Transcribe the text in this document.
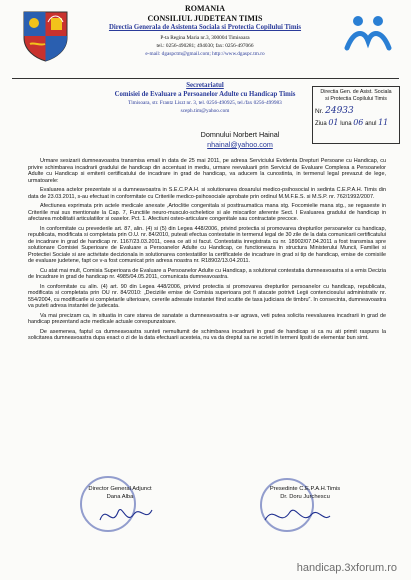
ROMANIA
CONSILIUL JUDETEAN TIMIS
Directia Generala de Asistenta Sociala si Protectia Copilului Timis
P-ta Regina Maria nr.3, 300004 Timisoara
tel.: 0256-490281; 494030; fax: 0256-497066
e-mail: dgaspctm@gmail.com; http://www.dgaspc.tm.ro
Secretariatul
Comisiei de Evaluare a Persoanelor Adulte cu Handicap Timis
Timisoara, str. Frantz Liszt nr. 3, tel. 0256-490925, tel./fax 0256-499983
sceph.tim@yahoo.com
Directia Gen. de Asist. Sociala
si Protectia Copilului Timis
Nr. 24933
Ziua 01 luna 06 anul 11
Domnului Norbert Hainal
nhainal@yahoo.com

Urmare sesizarii dumneavoastra transmisa email in data de 25 mai 2011, pe adresa Serviciului Evidenta Drepturi Persoane cu Handicap, cu privire schimbarea incadrarii gradului de handicap din accentuat in mediu, urmare reevaluarii prin Serviciul de Evaluare Complexa a Persoanelor Adulte cu Handicap si emiterii certificatului de incadrare in grad de handicap, va aducem la cunostinta, in termenul legal prevazut de lege, urmatoarele:

Evaluarea actelor prezentate si a dumneavoastra in S.E.C.P.A.H. si solutionarea dosarului medico-psihosocial in sedinta C.E.P.A.H. Timis din data de 23.03.2011, s-au efectuat in conformitate cu Criteriile medico-psihosociale aprobate prin ordinul M.M.F.E.S. si M.S.P. nr. 762/1992/2007.

Afectiunea exprimata prin actele medicale anexate ,Artoclitie congenitala si posttraumatica mana stg. Focomielie mana stg., se regaseste in Criteriile mai sus mentionate la Cap. 7, Functiile neuro-musculo-scheletice si ale miscarilor aferente Sect. I Evaluarea gradului de handicap in afectarea mobilitatii articulatiilor si oaselor. Pct. 1. Afectiuni osteo-articulare congenitale sau contractate precoce.

In conformitate cu prevederile art. 87, alin. (4) si (5) din Legea 448/2006, privind protectia si promovarea drepturilor persoanelor cu handicap, republicata, modificata si completata prin O.U. nr. 84/2010, puteati efectua contestatie in termenul legal de 30 zile de la data comunicarii certificatului de incadrare in grad de handicap nr. 1167/23.03.2011, ceea ce ati si facut. Contestatia inregistrata cu nr. 18902/07.04.2011 a fost transmisa spre solutionare Comisiei Superioare de Evaluare a Persoanelor Adulte cu Handicap, ce functioneaza in structura Ministerului Muncii, Familiei si Protectiei Sociale si are activitate decizionala in solutionarea contestatiilor la certificatele de incadrare in grad si tip de handicap, emise de comisiile de evaluare judetene, fapt ce v-a fost comunicat prin adresa noastra nr. R18902/13.04.2011.

Cu atat mai mult, Comisia Superioara de Evaluare a Persoanelor Adulte cu Handicap, a solutionat contestatia dumneavoastra si a emis Decizia de Incadrare in grad de handicap nr. 4985/04.05.2011, comunicata dumneavoastra.

In conformitate cu alin. (4) art. 90 din Legea 448/2006, privind protectia si promovarea drepturilor persoanelor cu handicap, republicata, modificata si completata prin OU nr. 84/2010: „Deciziile emise de Comisia superioara pot fi atacate potrivit Legii contenciosului administrativ nr. 554/2004, cu modificarile si completarile ulterioare, cererile adresate instantei fiind scutite de taxa judiciara de timbru”. In consecinta, dumneavoastra va puteti adresa instantei de judecata.

Va mai precizam ca, in situatia in care starea de sanatate a dumneavoastra s-ar agrava, veti putea solicita reevaluarea incadrarii in grad de handicap prezentand acte medicale actuale corespunzatoare.

De asemenea, faptul ca dumneavoastra sunteti nemultumit de schimbarea incadrarii in grad de handicap si ca nu ati primit raspuns la solicitarea dumneavoastra dupa exact o zi de la data efectuarii acesteia, nu va da dreptul sa ne scrieti in termeni lipsiti de elementar bun simt.

Director General Adjunct
Dana Alba
Presedinte C.E.P.A.H.Timis
Dr. Doru Jurchescu
handicap.3xforum.ro
